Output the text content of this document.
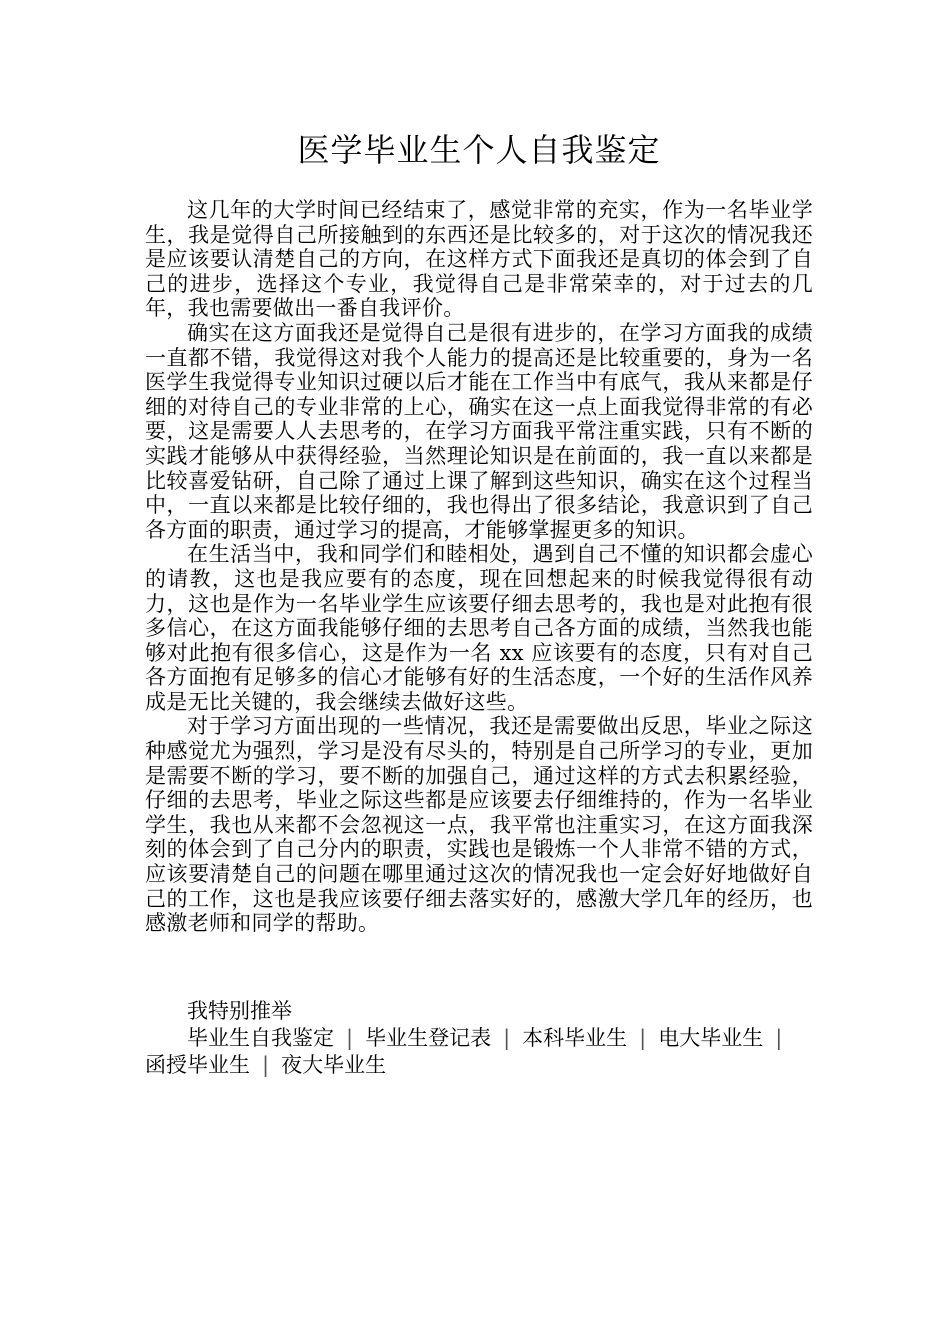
医学毕业生个人自我鉴定

这几年的大学时间已经结束了，感觉非常的充实，作为一名毕业学生，我是觉得自己所接触到的东西还是比较多的，对于这次的情况我还是应该要认清楚自己的方向，在这样方式下面我还是真切的体会到了自己的进步，选择这个专业，我觉得自己是非常荣幸的，对于过去的几年，我也需要做出一番自我评价。

确实在这方面我还是觉得自己是很有进步的，在学习方面我的成绩一直都不错，我觉得这对我个人能力的提高还是比较重要的，身为一名医学生我觉得专业知识过硬以后才能在工作当中有底气，我从来都是仔细的对待自己的专业非常的上心，确实在这一点上面我觉得非常的有必要，这是需要人人去思考的，在学习方面我平常注重实践，只有不断的实践才能够从中获得经验，当然理论知识是在前面的，我一直以来都是比较喜爱钻研，自己除了通过上课了解到这些知识，确实在这个过程当中，一直以来都是比较仔细的，我也得出了很多结论，我意识到了自己各方面的职责，通过学习的提高，才能够掌握更多的知识。

在生活当中，我和同学们和睦相处，遇到自己不懂的知识都会虚心的请教，这也是我应要有的态度，现在回想起来的时候我觉得很有动力，这也是作为一名毕业学生应该要仔细去思考的，我也是对此抱有很多信心，在这方面我能够仔细的去思考自己各方面的成绩，当然我也能够对此抱有很多信心，这是作为一名 xx 应该要有的态度，只有对自己各方面抱有足够多的信心才能够有好的生活态度，一个好的生活作风养成是无比关键的，我会继续去做好这些。

对于学习方面出现的一些情况，我还是需要做出反思，毕业之际这种感觉尤为强烈，学习是没有尽头的，特别是自己所学习的专业，更加是需要不断的学习，要不断的加强自己，通过这样的方式去积累经验，仔细的去思考，毕业之际这些都是应该要去仔细维持的，作为一名毕业学生，我也从来都不会忽视这一点，我平常也注重实习，在这方面我深刻的体会到了自己分内的职责，实践也是锻炼一个人非常不错的方式，应该要清楚自己的问题在哪里通过这次的情况我也一定会好好地做好自己的工作，这也是我应该要仔细去落实好的，感激大学几年的经历，也感激老师和同学的帮助。

我特别推举

毕业生自我鉴定 | 毕业生登记表 | 本科毕业生 | 电大毕业生 |函授毕业生 | 夜大毕业生
